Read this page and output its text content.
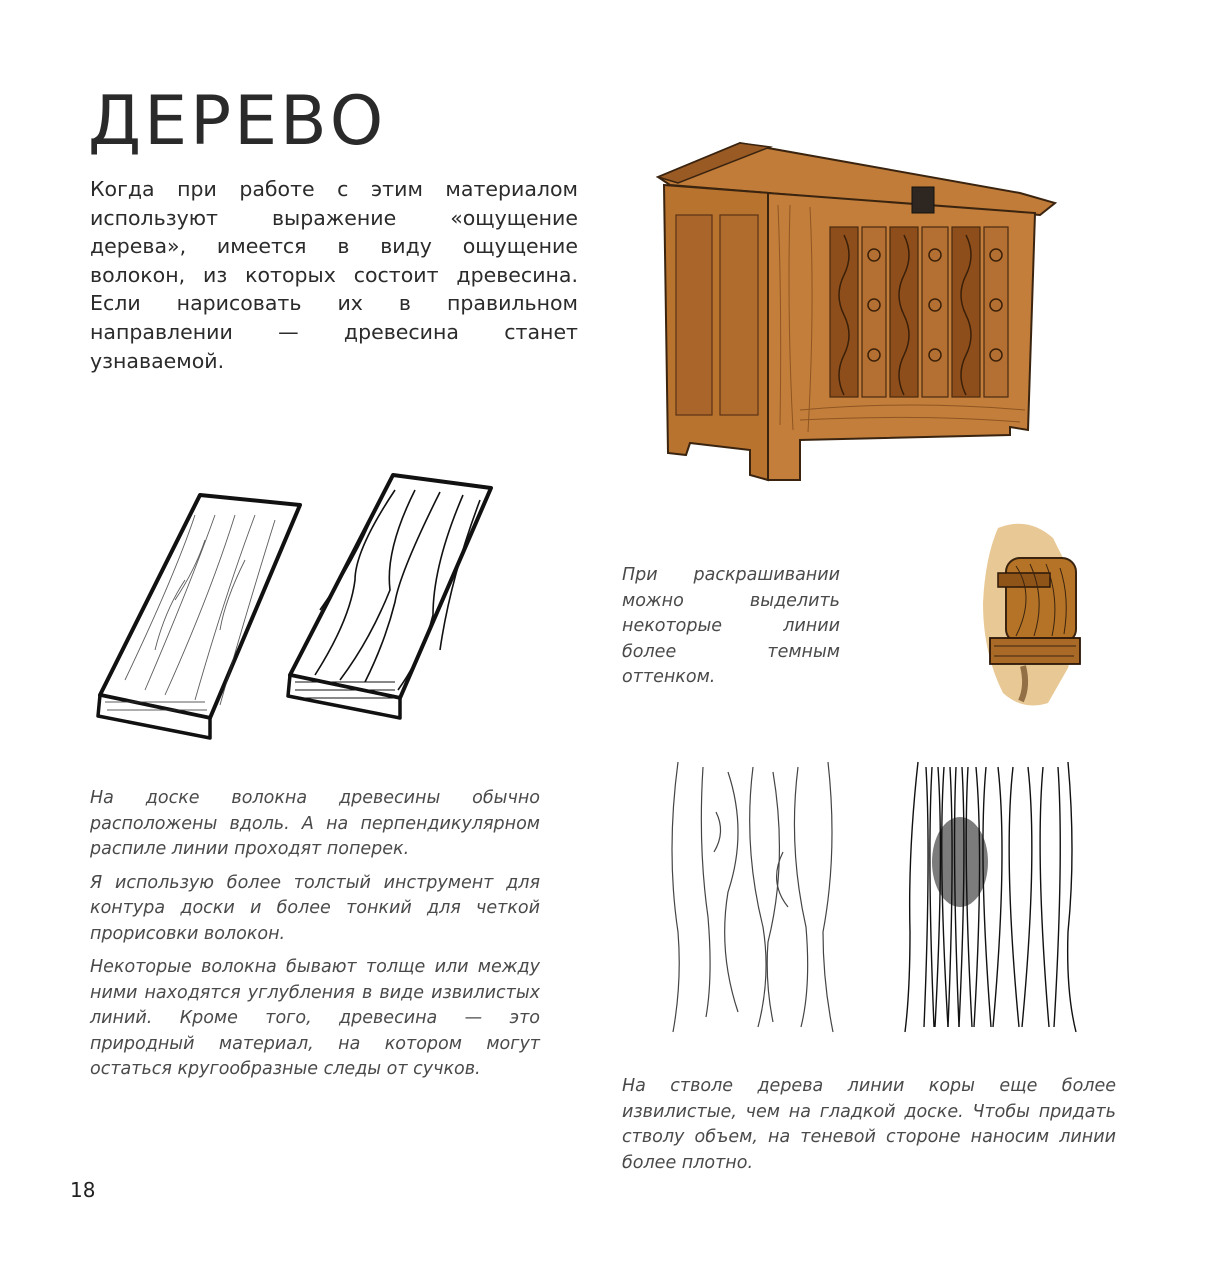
ДЕРЕВО

Когда при работе с этим материалом используют выражение «ощущение дерева», имеется в виду ощущение волокон, из которых состоит древесина. Если нарисовать их в правильном направлении — древесина станет узнаваемой.

При раскрашивании можно выделить некоторые линии более темным оттенком.

На доске волокна древесины обычно расположены вдоль. А на перпендикулярном распиле линии проходят поперек.

Я использую более толстый инструмент для контура доски и более тонкий для четкой прорисовки волокон.

Некоторые волокна бывают толще или между ними находятся углубления в виде извилистых линий. Кроме того, древесина — это природный материал, на котором могут остаться кругообразные следы от сучков.

На стволе дерева линии коры еще более извилистые, чем на гладкой доске. Чтобы придать стволу объем, на теневой стороне наносим линии более плотно.
18
